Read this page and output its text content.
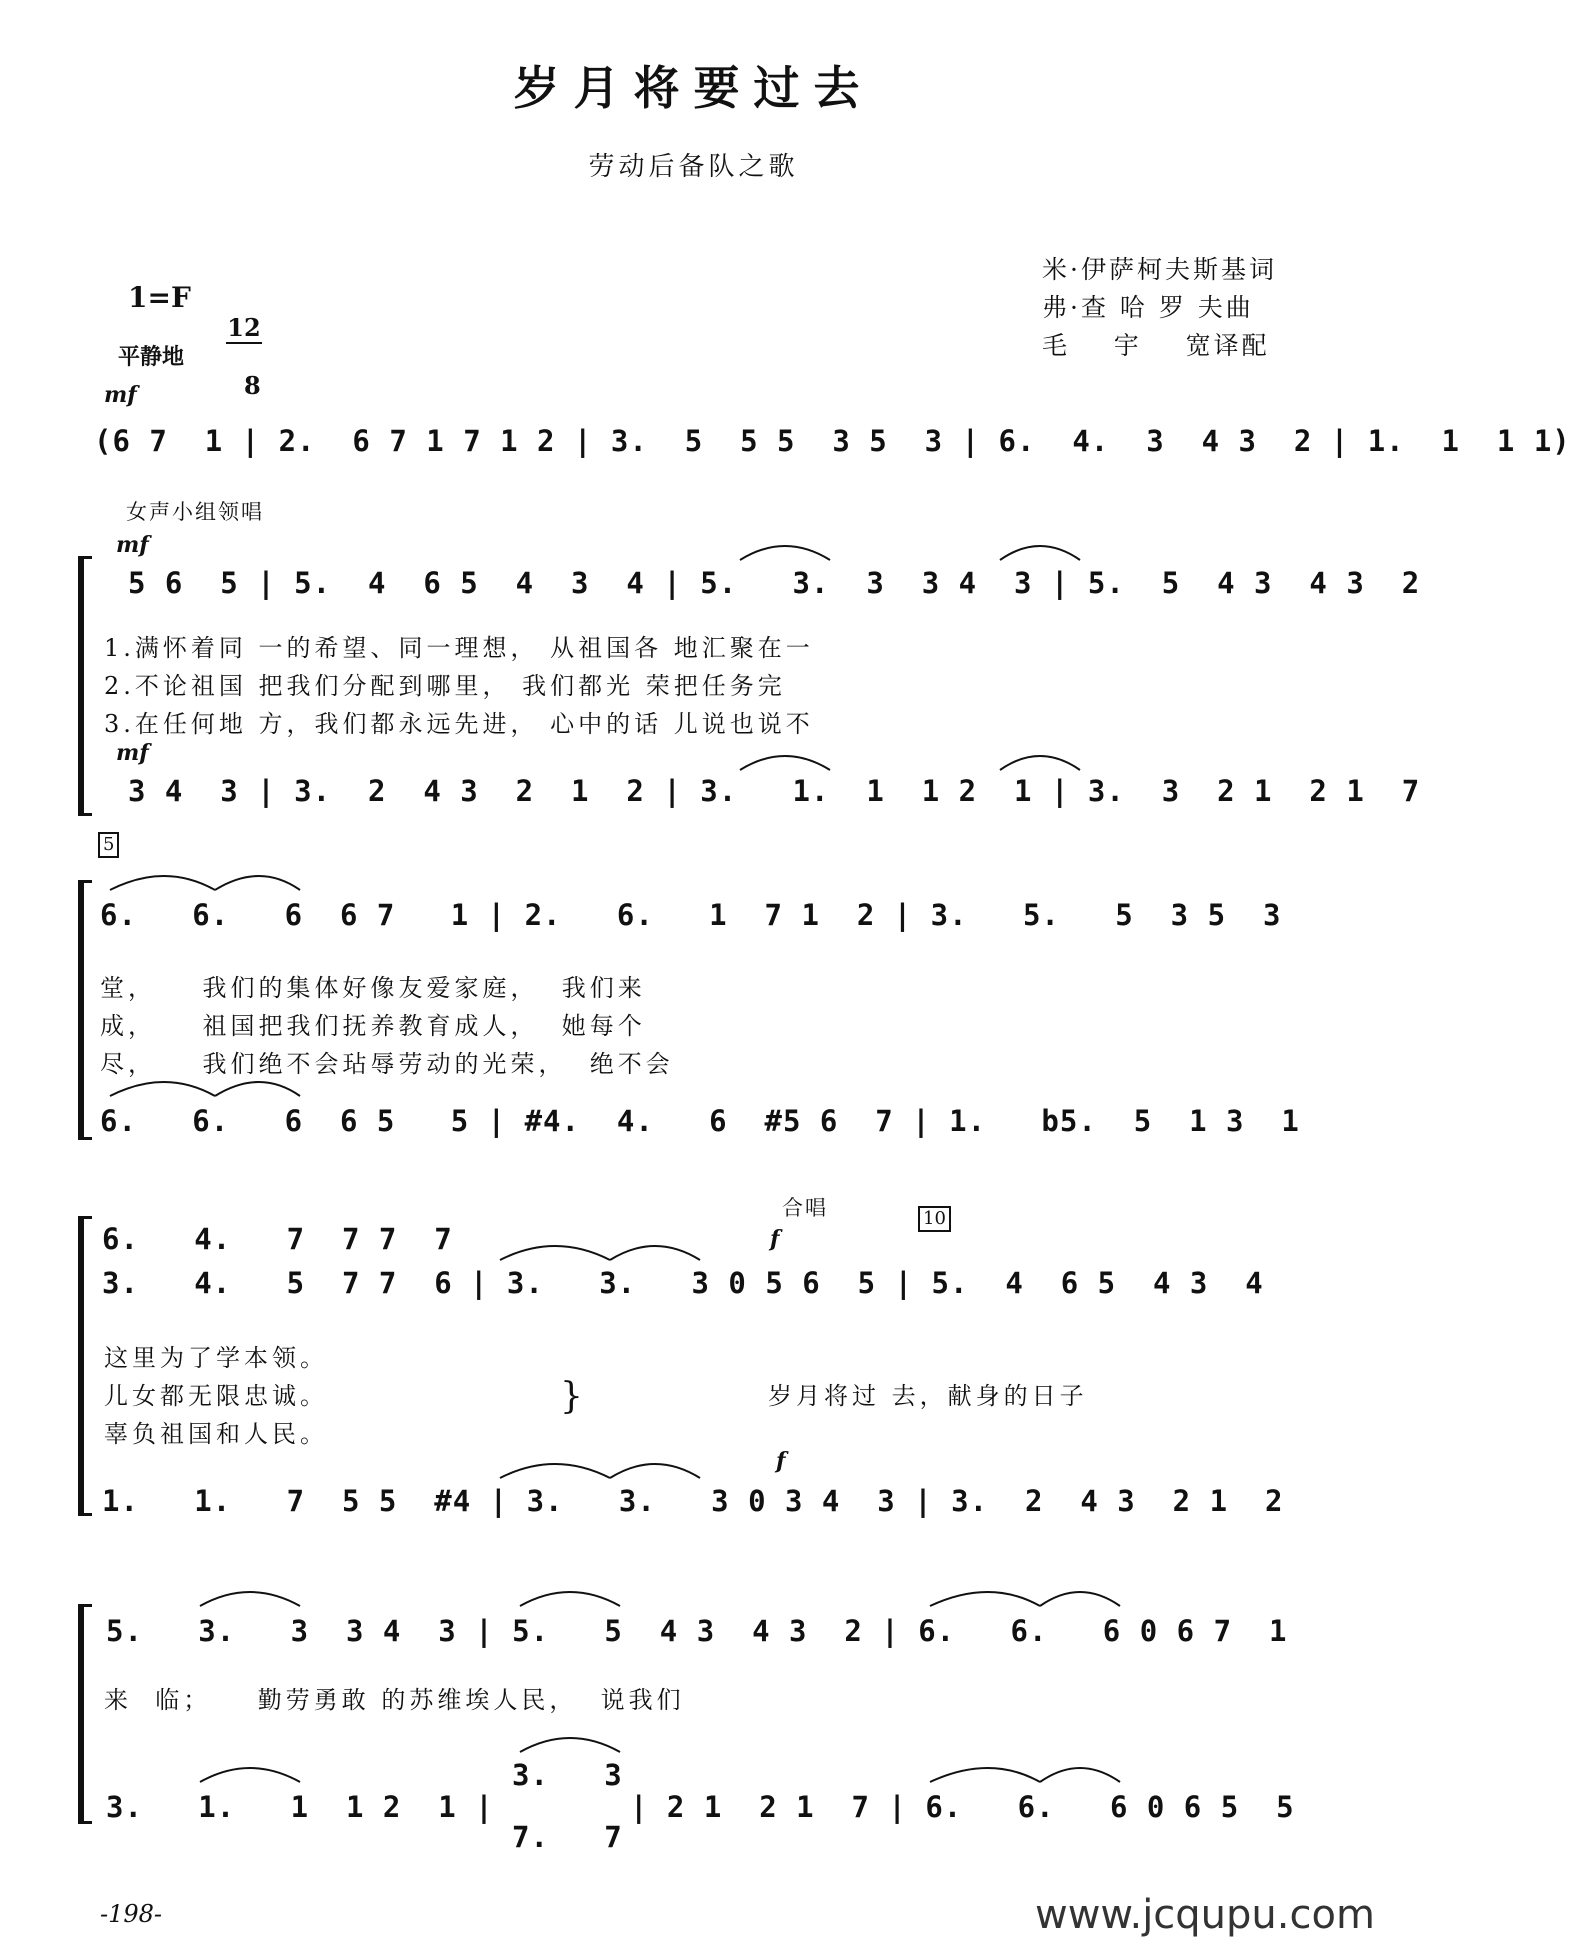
岁月将要过去
劳动后备队之歌
1=F

12

8

米·伊萨柯夫斯基词
弗·查 哈 罗 夫曲
毛    宇    宽译配
平静地
mf
(6 7  1 | 2.  6 7 1 7 1 2 | 3.  5  5 5  3 5  3 | 6.  4.  3  4 3  2 | 1.  1  1 1)
女声小组领唱
mf
5 6  5 | 5.  4  6 5  4  3  4 | 5.   3.  3  3 4  3 | 5.  5  4 3  4 3  2
1.满怀着同 一的希望、同一理想， 从祖国各 地汇聚在一
2.不论祖国 把我们分配到哪里， 我们都光 荣把任务完
3.在任何地 方，我们都永远先进， 心中的话 儿说也说不
mf
3 4  3 | 3.  2  4 3  2  1  2 | 3.   1.  1  1 2  1 | 3.  3  2 1  2 1  7
5
6.   6.   6  6 7   1 | 2.   6.   1  7 1  2 | 3.   5.   5  3 5  3
堂，    我们的集体好像友爱家庭，  我们来
成，    祖国把我们抚养教育成人，  她每个
尽，    我们绝不会玷辱劳动的光荣，  绝不会
6.   6.   6  6 5   5 | #4.  4.   6  #5 6  7 | 1.   b5.  5  1 3  1
合唱	10
f
6.   4.   7  7 7  7
3.   4.   5  7 7  6 | 3.   3.   3 0 5 6  5 | 5.  4  6 5  4 3  4
这里为了学本领。
儿女都无限忠诚。
辜负祖国和人民。
}	岁月将过 去，献身的日子
f
1.   1.   7  5 5  #4 | 3.   3.   3 0 3 4  3 | 3.  2  4 3  2 1  2
5.   3.   3  3 4  3 | 5.   5  4 3  4 3  2 | 6.   6.   6 0 6 7  1
来  临；    勤劳勇敢 的苏维埃人民，  说我们
3.   1.   1  1 2  1 |
3.   3
7.   7
| 2 1  2 1  7 | 6.   6.   6 0 6 5  5
-198-	www.jcqupu.com
